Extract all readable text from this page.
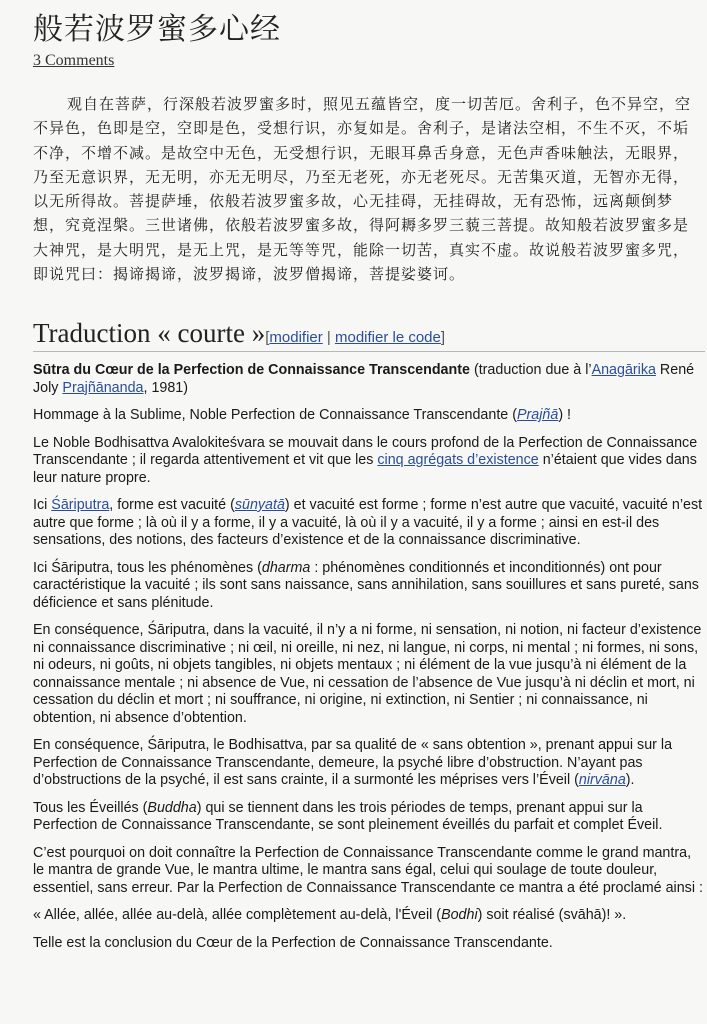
般若波罗蜜多心经
3 Comments

观自在菩萨，行深般若波罗蜜多时，照见五蕴皆空，度一切苦厄。舍利子，色不异空，空不异色，色即是空，空即是色，受想行识，亦复如是。舍利子，是诸法空相，不生不灭，不垢不净，不增不减。是故空中无色，无受想行识，无眼耳鼻舌身意，无色声香味触法，无眼界，乃至无意识界，无无明，亦无无明尽，乃至无老死，亦无老死尽。无苦集灭道，无智亦无得，以无所得故。菩提萨埵，依般若波罗蜜多故，心无挂碍，无挂碍故，无有恐怖，远离颠倒梦想，究竟涅槃。三世诸佛，依般若波罗蜜多故，得阿耨多罗三藐三菩提。故知般若波罗蜜多是大神咒，是大明咒，是无上咒，是无等等咒，能除一切苦，真实不虚。故说般若波罗蜜多咒，即说咒曰：揭谛揭谛，波罗揭谛，波罗僧揭谛，菩提娑婆诃。

Traduction « courte »[modifier | modifier le code]

Sūtra du Cœur de la Perfection de Connaissance Transcendante (traduction due à l’Anagārika René Joly Prajñānanda, 1981)

Hommage à la Sublime, Noble Perfection de Connaissance Transcendante (Prajñā) !

Le Noble Bodhisattva Avalokiteśvara se mouvait dans le cours profond de la Perfection de Connaissance Transcendante ; il regarda attentivement et vit que les cinq agrégats d’existence n’étaient que vides dans leur nature propre.

Ici Śāriputra, forme est vacuité (sūnyatā) et vacuité est forme ; forme n’est autre que vacuité, vacuité n’est autre que forme ; là où il y a forme, il y a vacuité, là où il y a vacuité, il y a forme ; ainsi en est-il des sensations, des notions, des facteurs d’existence et de la connaissance discriminative.

Ici Śāriputra, tous les phénomènes (dharma : phénomènes conditionnés et inconditionnés) ont pour caractéristique la vacuité ; ils sont sans naissance, sans annihilation, sans souillures et sans pureté, sans déficience et sans plénitude.

En conséquence, Śāriputra, dans la vacuité, il n’y a ni forme, ni sensation, ni notion, ni facteur d’existence ni connaissance discriminative ; ni œil, ni oreille, ni nez, ni langue, ni corps, ni mental ; ni formes, ni sons, ni odeurs, ni goûts, ni objets tangibles, ni objets mentaux ; ni élément de la vue jusqu’à ni élément de la connaissance mentale ; ni absence de Vue, ni cessation de l’absence de Vue jusqu’à ni déclin et mort, ni cessation du déclin et mort ; ni souffrance, ni origine, ni extinction, ni Sentier ; ni connaissance, ni obtention, ni absence d’obtention.

En conséquence, Śāriputra, le Bodhisattva, par sa qualité de « sans obtention », prenant appui sur la Perfection de Connaissance Transcendante, demeure, la psyché libre d’obstruction. N’ayant pas d’obstructions de la psyché, il est sans crainte, il a surmonté les méprises vers l’Éveil (nirvāna).

Tous les Éveillés (Buddha) qui se tiennent dans les trois périodes de temps, prenant appui sur la Perfection de Connaissance Transcendante, se sont pleinement éveillés du parfait et complet Éveil.

C’est pourquoi on doit connaître la Perfection de Connaissance Transcendante comme le grand mantra, le mantra de grande Vue, le mantra ultime, le mantra sans égal, celui qui soulage de toute douleur, essentiel, sans erreur. Par la Perfection de Connaissance Transcendante ce mantra a été proclamé ainsi :

« Allée, allée, allée au-delà, allée complètement au-delà, l'Éveil (Bodhi) soit réalisé (svāhā)! ».

Telle est la conclusion du Cœur de la Perfection de Connaissance Transcendante.
